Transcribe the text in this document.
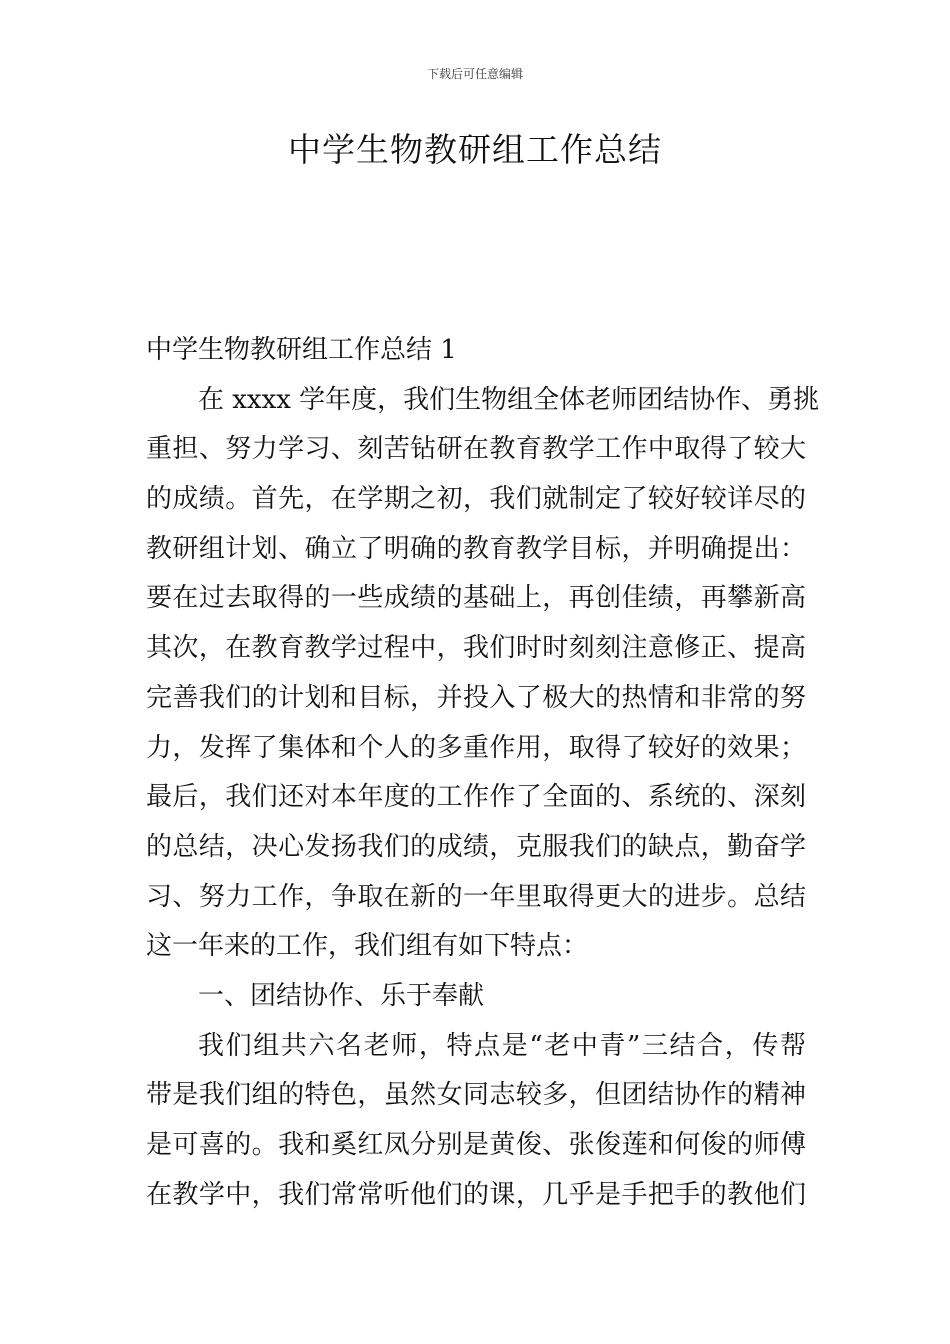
下载后可任意编辑
中学生物教研组工作总结
中学生物教研组工作总结 1
在 xxxx 学年度，我们生物组全体老师团结协作、勇挑
重担、努力学习、刻苦钻研在教育教学工作中取得了较大
的成绩。首先，在学期之初，我们就制定了较好较详尽的
教研组计划、确立了明确的教育教学目标，并明确提出：
要在过去取得的一些成绩的基础上，再创佳绩，再攀新高
其次，在教育教学过程中，我们时时刻刻注意修正、提高
完善我们的计划和目标，并投入了极大的热情和非常的努
力，发挥了集体和个人的多重作用，取得了较好的效果；
最后，我们还对本年度的工作作了全面的、系统的、深刻
的总结，决心发扬我们的成绩，克服我们的缺点，勤奋学
习、努力工作，争取在新的一年里取得更大的进步。总结
这一年来的工作，我们组有如下特点：
一、团结协作、乐于奉献
我们组共六名老师，特点是“老中青”三结合，传帮
带是我们组的特色，虽然女同志较多，但团结协作的精神
是可喜的。我和奚红凤分别是黄俊、张俊莲和何俊的师傅
在教学中，我们常常听他们的课，几乎是手把手的教他们
